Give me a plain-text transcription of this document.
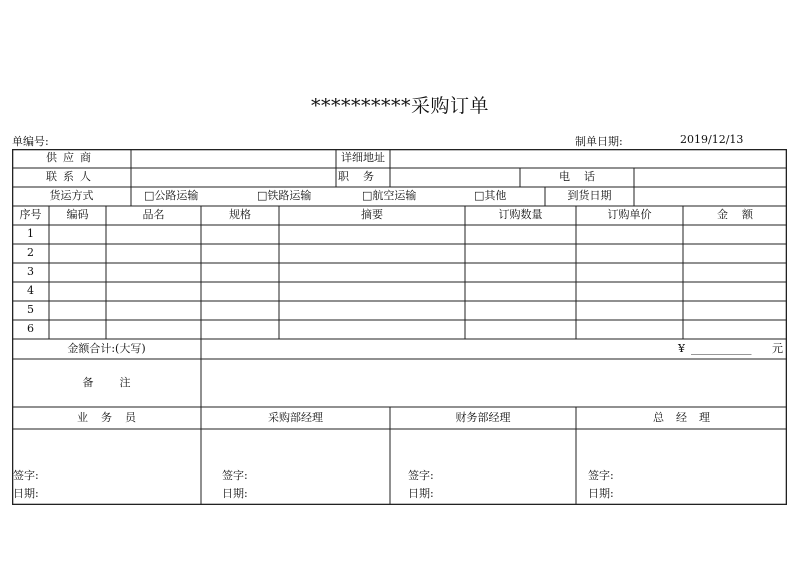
**********采购订单
单编号:	制单日期:	2019/12/13
供应商	详细地址
联系人	职务	电话
货运方式	□公路运输	□铁路运输	□航空运输	□其他	到货日期
序号	编码	品名	规格	摘要	订购数量	订购单价	金额
1
2
3
4
5
6
金额合计:(大写)	¥ ___________ 元
备注
业务员	采购部经理	财务部经理	总经理
签字:
日期:
签字:
日期:
签字:
日期:
签字:
日期:
